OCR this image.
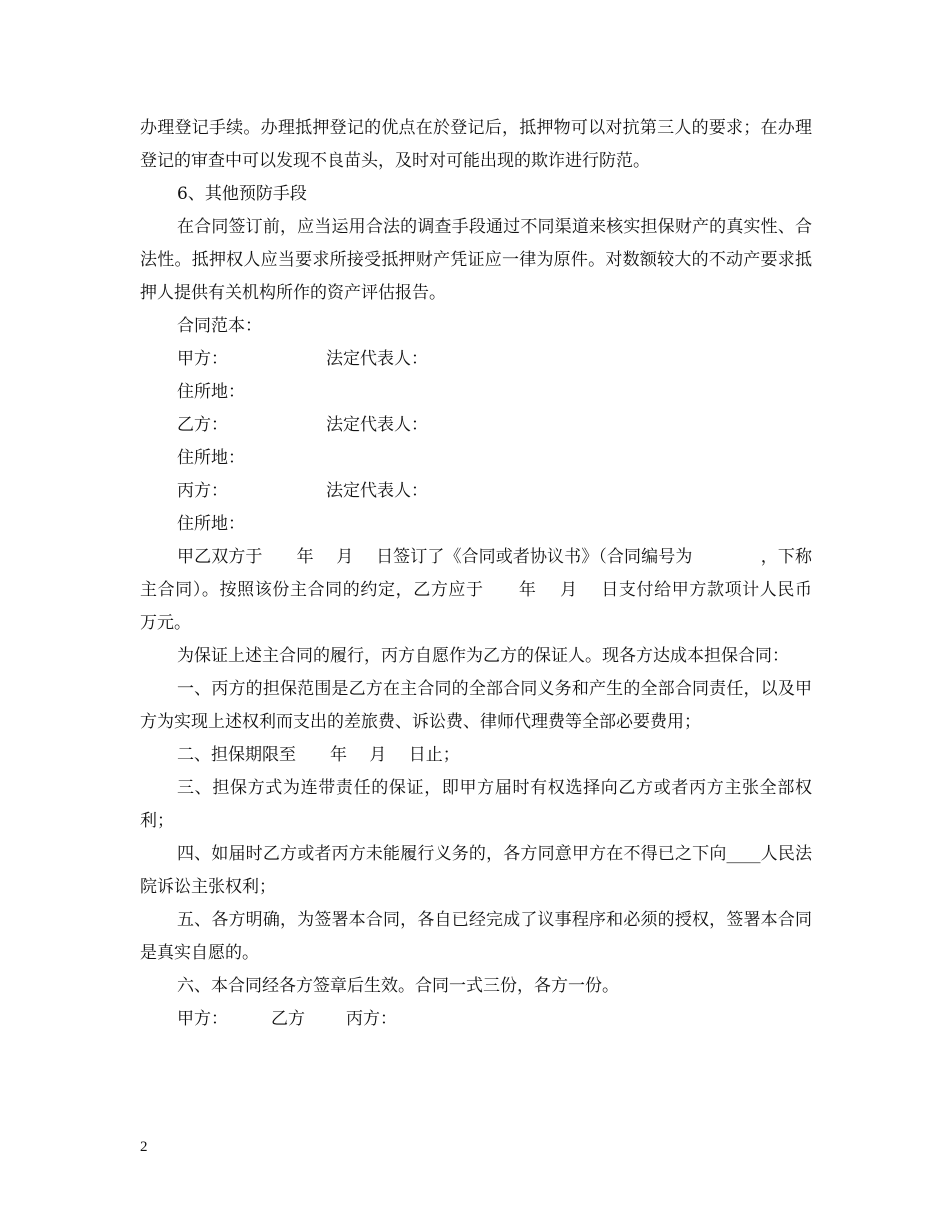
办理登记手续。办理抵押登记的优点在於登记后，抵押物可以对抗第三人的要求；在办理登记的审查中可以发现不良苗头，及时对可能出现的欺诈进行防范。

6、其他预防手段

在合同签订前，应当运用合法的调查手段通过不同渠道来核实担保财产的真实性、合法性。抵押权人应当要求所接受抵押财产凭证应一律为原件。对数额较大的不动产要求抵押人提供有关机构所作的资产评估报告。

合同范本：

甲方：	法定代表人：

住所地：

乙方：	法定代表人：

住所地：

丙方：	法定代表人：

住所地：

甲乙双方于　　年　 月　 日签订了《合同或者协议书》（合同编号为　　　　，下称主合同）。按照该份主合同的约定，乙方应于　　年　 月　 日支付给甲方款项计人民币　　万元。

为保证上述主合同的履行，丙方自愿作为乙方的保证人。现各方达成本担保合同：

一、丙方的担保范围是乙方在主合同的全部合同义务和产生的全部合同责任，以及甲方为实现上述权利而支出的差旅费、诉讼费、律师代理费等全部必要费用；

二、担保期限至　　年　 月　 日止；

三、担保方式为连带责任的保证，即甲方届时有权选择向乙方或者丙方主张全部权利；

四、如届时乙方或者丙方未能履行义务的，各方同意甲方在不得已之下向____人民法院诉讼主张权利；

五、各方明确，为签署本合同，各自已经完成了议事程序和必须的授权，签署本合同是真实自愿的。

六、本合同经各方签章后生效。合同一式三份，各方一份。

甲方：	乙方	丙方：

2
